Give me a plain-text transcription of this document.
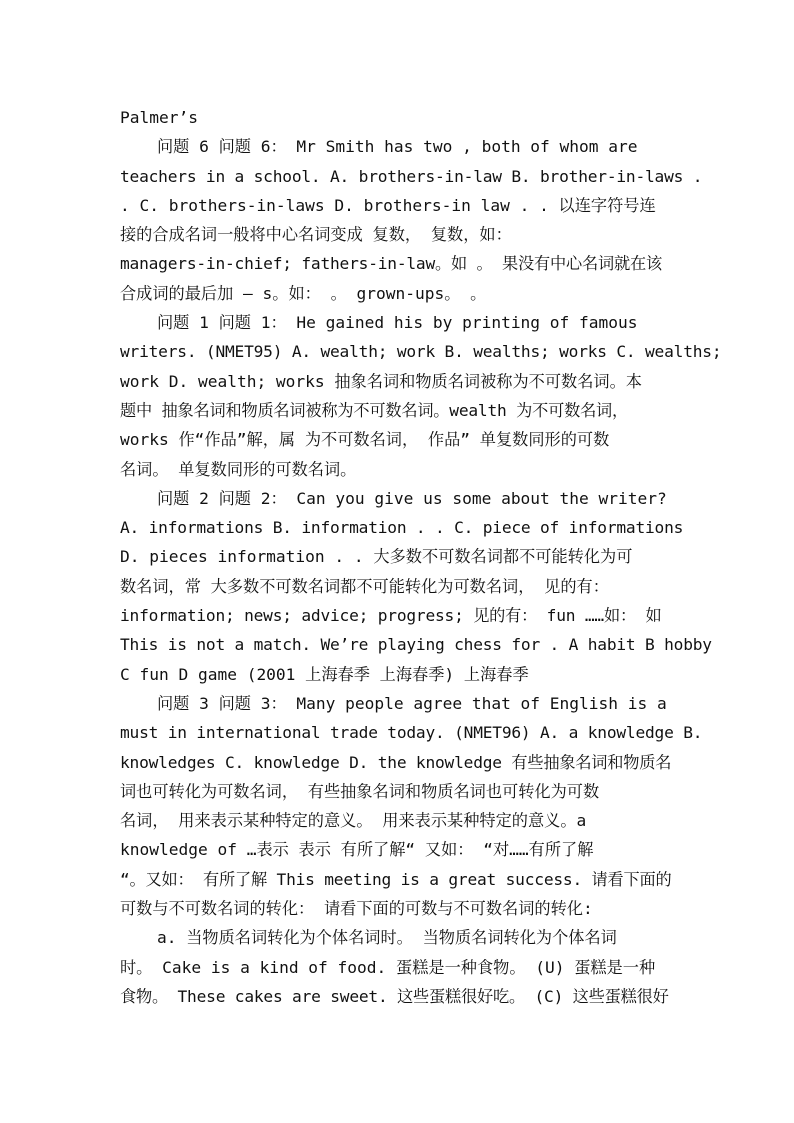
Palmer’s
问题 6 问题 6： Mr Smith has two , both of whom are
teachers in a school. A. brothers-in-law B. brother-in-laws .
. C. brothers-in-laws D. brothers-in law . . 以连字符号连
接的合成名词一般将中心名词变成 复数， 复数，如：
managers-in-chief; fathers-in-law。如 。 果没有中心名词就在该
合成词的最后加 – s。如： 。 grown-ups。 。
问题 1 问题 1： He gained his by printing of famous
writers. (NMET95) A. wealth; work B. wealths; works C. wealths;
work D. wealth; works 抽象名词和物质名词被称为不可数名词。本
题中 抽象名词和物质名词被称为不可数名词。wealth 为不可数名词，
works 作“作品”解，属 为不可数名词， 作品” 单复数同形的可数
名词。 单复数同形的可数名词。
问题 2 问题 2： Can you give us some about the writer?
A. informations B. information . . C. piece of informations
D. pieces information . . 大多数不可数名词都不可能转化为可
数名词，常 大多数不可数名词都不可能转化为可数名词， 见的有：
information; news; advice; progress; 见的有： fun ……如： 如
This is not a match. We’re playing chess for . A habit B hobby
C fun D game (2001 上海春季 上海春季) 上海春季
问题 3 问题 3： Many people agree that of English is a
must in international trade today. (NMET96) A. a knowledge B.
knowledges C. knowledge D. the knowledge 有些抽象名词和物质名
词也可转化为可数名词， 有些抽象名词和物质名词也可转化为可数
名词， 用来表示某种特定的意义。 用来表示某种特定的意义。a
knowledge of …表示 表示 有所了解“ 又如： “对……有所了解
“。又如： 有所了解 This meeting is a great success. 请看下面的
可数与不可数名词的转化： 请看下面的可数与不可数名词的转化:
a. 当物质名词转化为个体名词时。 当物质名词转化为个体名词
时。 Cake is a kind of food. 蛋糕是一种食物。 (U) 蛋糕是一种
食物。 These cakes are sweet. 这些蛋糕很好吃。 (C) 这些蛋糕很好
